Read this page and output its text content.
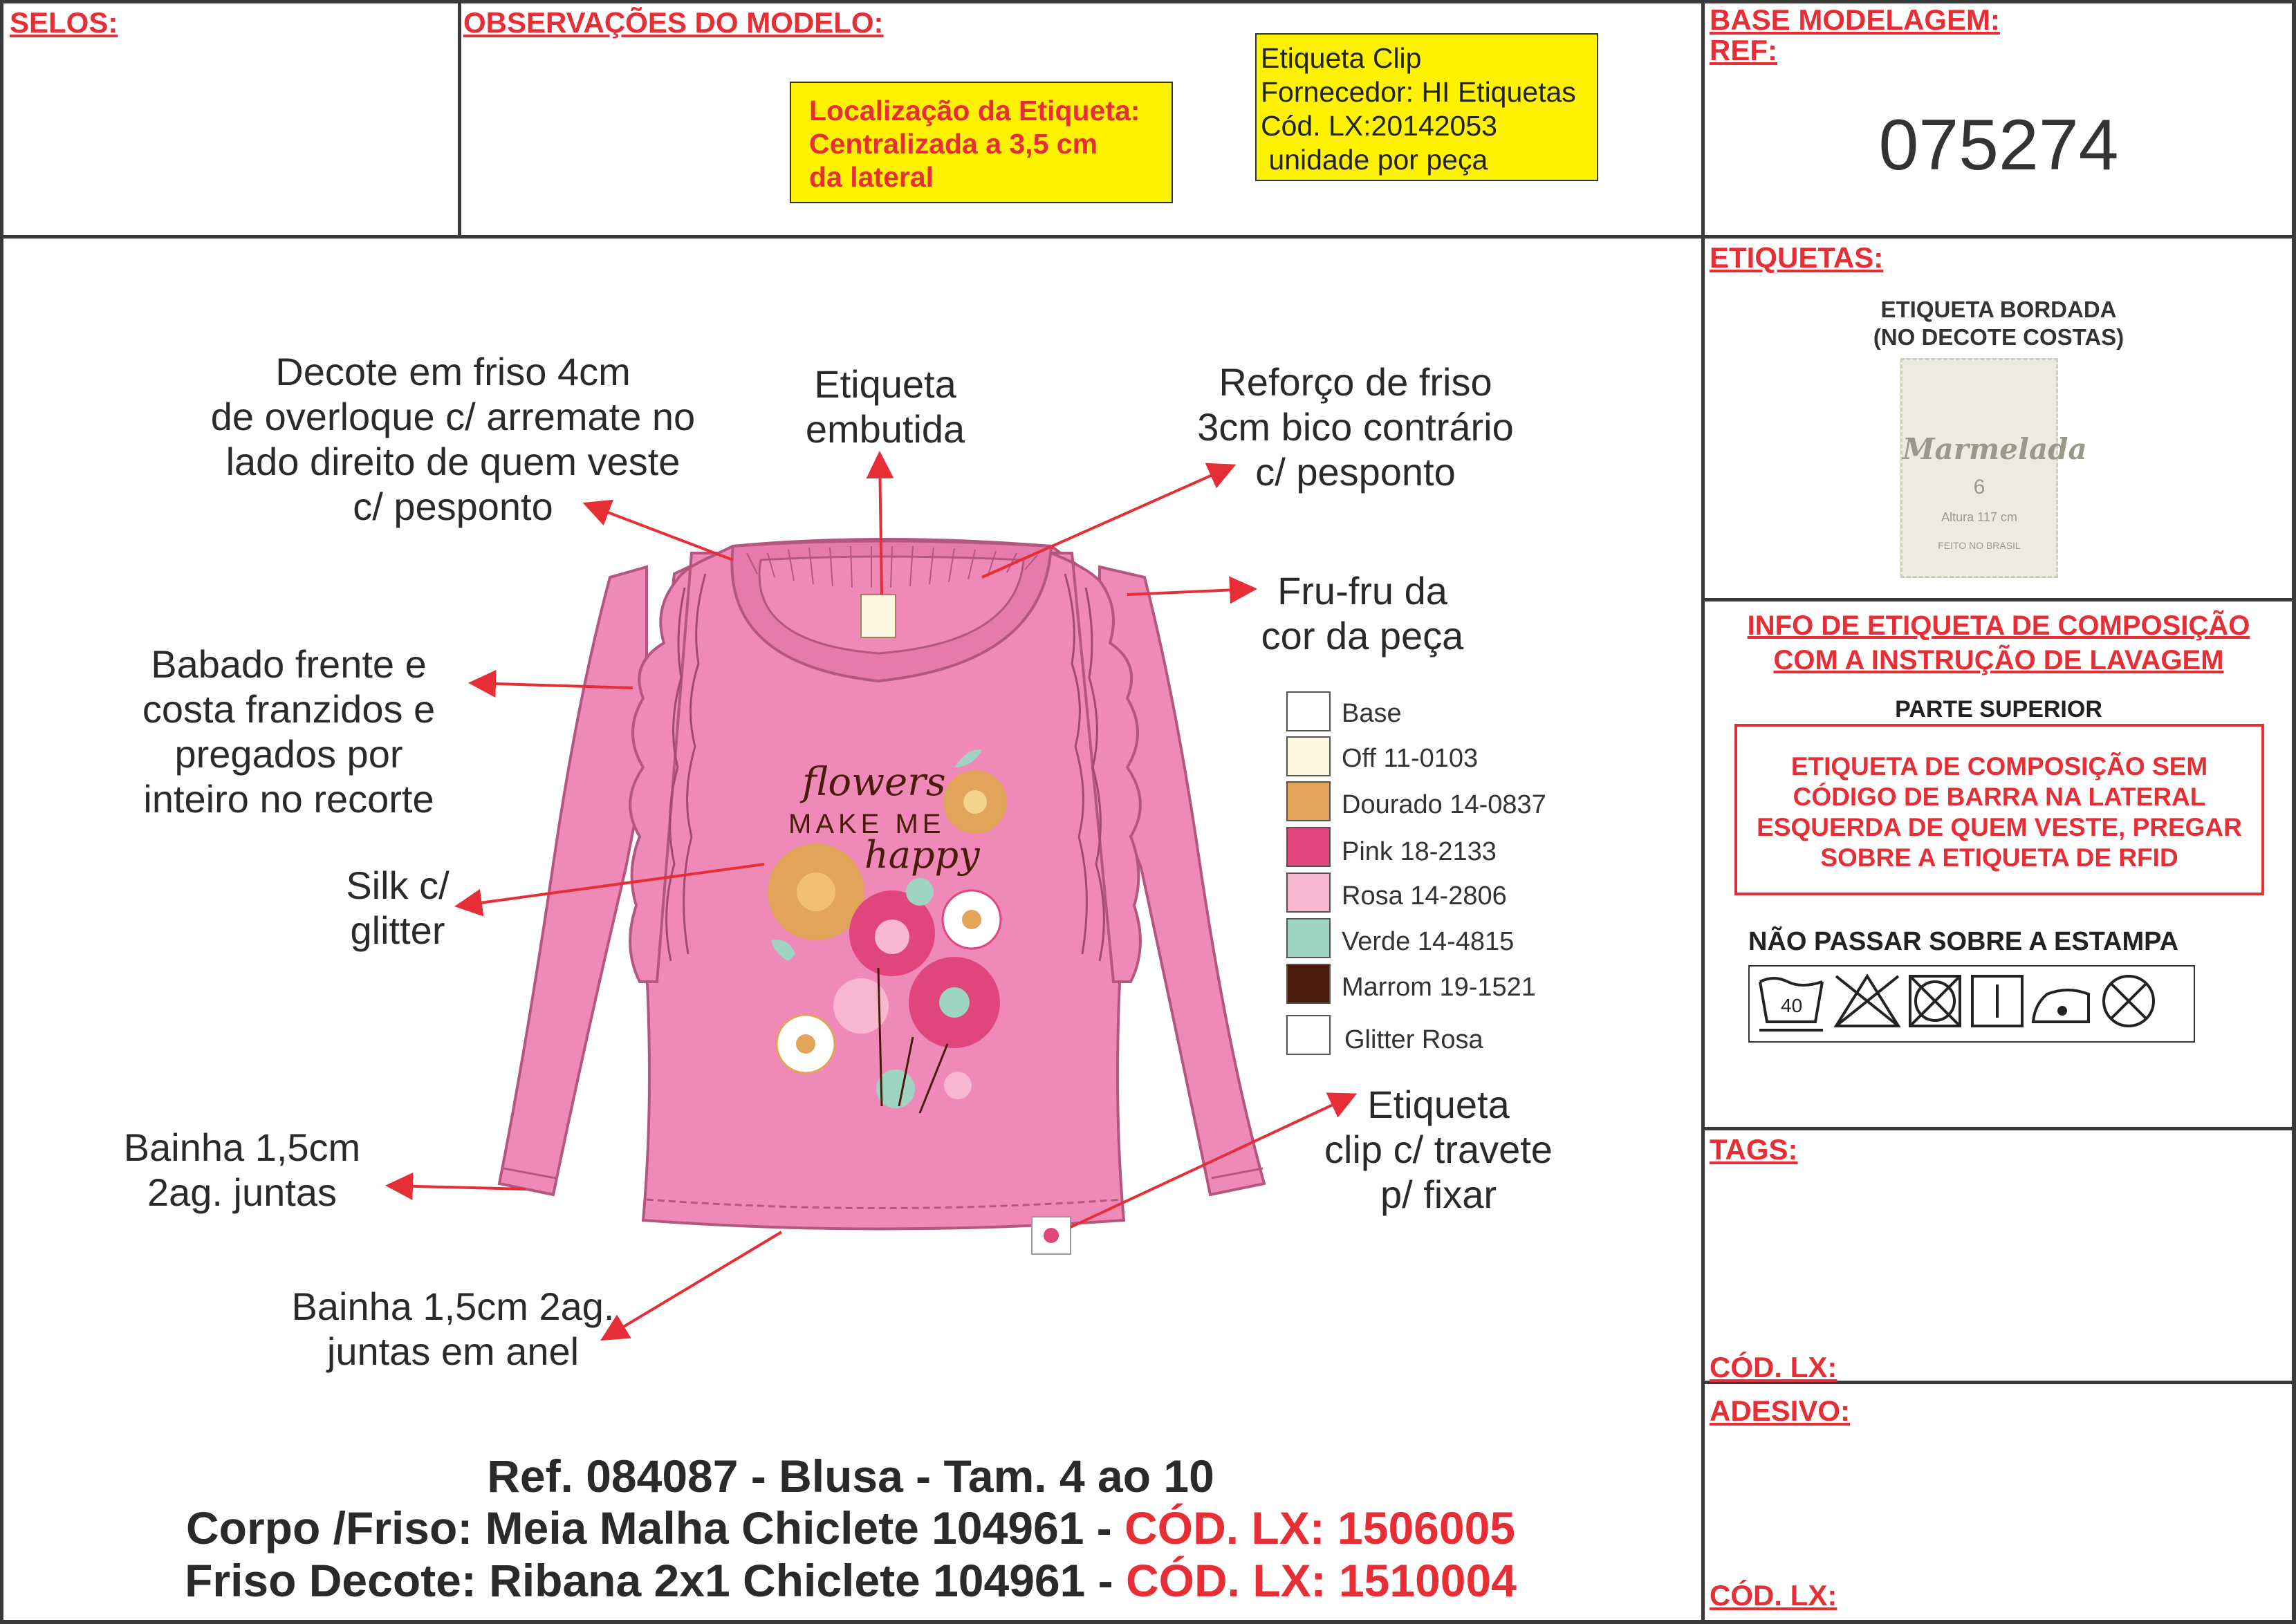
SELOS:	OBSERVAÇÕES DO MODELO:
Localização da Etiqueta:
Centralizada a 3,5 cm
da lateral
Etiqueta Clip
Fornecedor: HI Etiquetas
Cód. LX:20142053
unidade por peça
BASE MODELAGEM:
REF:
075274
flowers
MAKE ME
happy
Decote em friso 4cm
de overloque c/ arremate no
lado direito de quem veste
c/ pesponto
Etiqueta
embutida
Reforço de friso
3cm bico contrário
c/ pesponto
Fru-fru da
cor da peça
Babado frente e
costa franzidos e
pregados por
inteiro no recorte
Silk c/
glitter
Bainha 1,5cm
2ag. juntas
Etiqueta
clip c/ travete
p/ fixar
Bainha 1,5cm 2ag.
juntas em anel
Base
Off 11-0103
Dourado 14-0837
Pink 18-2133
Rosa 14-2806
Verde 14-4815
Marrom 19-1521
Glitter Rosa
ETIQUETAS:
ETIQUETA BORDADA
(NO DECOTE COSTAS)
Marmelada
6
Altura 117 cm
FEITO NO BRASIL
INFO DE ETIQUETA DE COMPOSIÇÃO
COM A INSTRUÇÃO DE LAVAGEM
PARTE SUPERIOR
ETIQUETA DE COMPOSIÇÃO SEM
CÓDIGO DE BARRA NA LATERAL
ESQUERDA DE QUEM VESTE, PREGAR
SOBRE A ETIQUETA DE RFID
NÃO PASSAR SOBRE A ESTAMPA
40
TAGS:
CÓD. LX:
ADESIVO:
CÓD. LX:
Ref. 084087 - Blusa - Tam. 4 ao 10
Corpo /Friso: Meia Malha Chiclete 104961 - CÓD. LX: 1506005
Friso Decote: Ribana 2x1 Chiclete 104961 - CÓD. LX: 1510004
